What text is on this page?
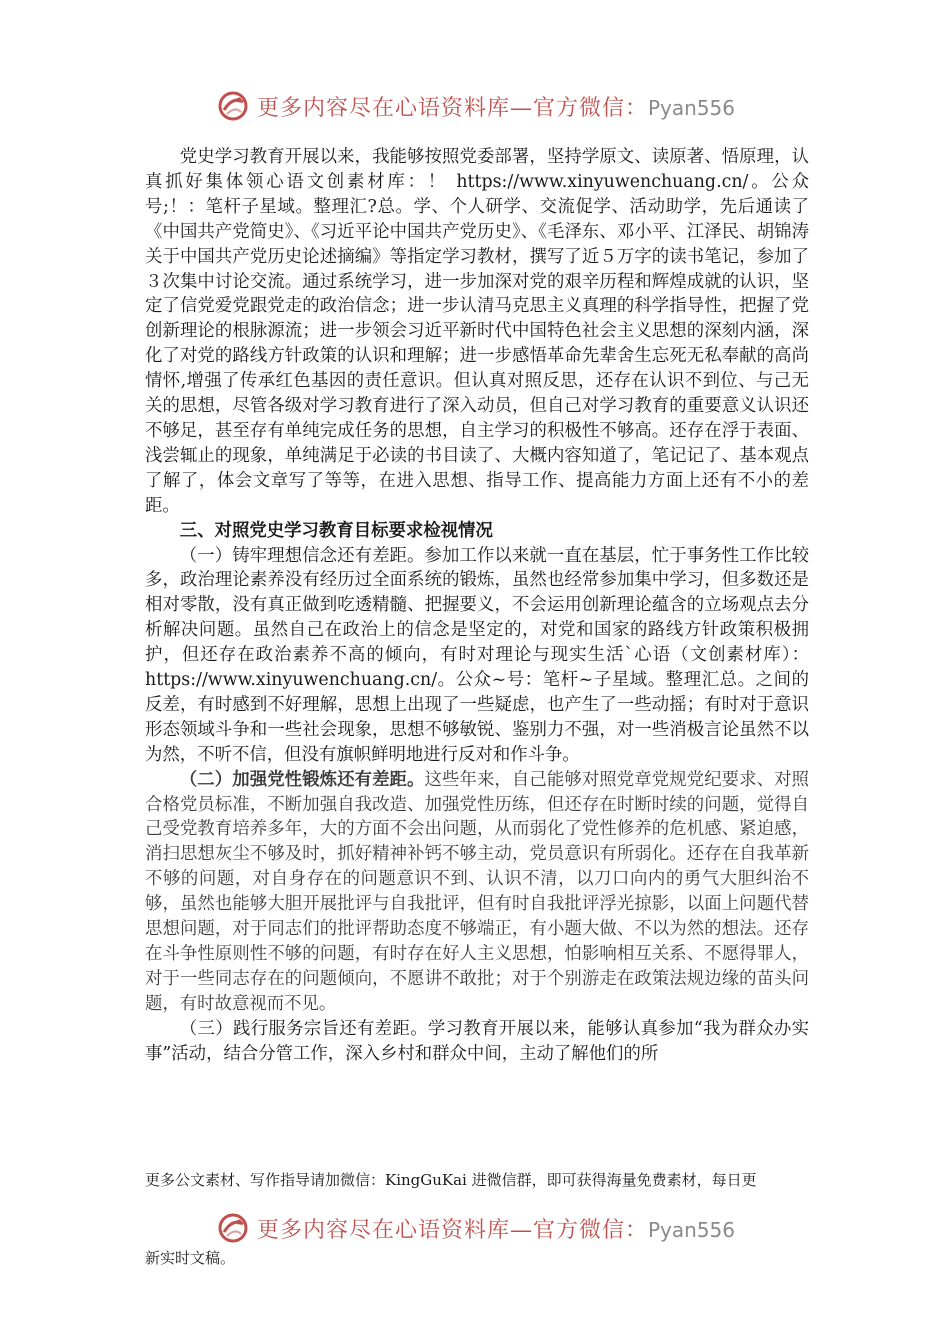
更多内容尽在心语资料库—官方微信：Pyan556

党史学习教育开展以来，我能够按照党委部署，坚持学原文、读原著、悟原理，认真抓好集体领心语文创素材库：！ https://www.xinyuwenchuang.cn/。公众号;！：笔杆子星域。整理汇?总。学、个人研学、交流促学、活动助学，先后通读了《中国共产党简史》、《习近平论中国共产党历史》、《毛泽东、邓小平、江泽民、胡锦涛关于中国共产党历史论述摘编》等指定学习教材，撰写了近５万字的读书笔记，参加了３次集中讨论交流。通过系统学习，进一步加深对党的艰辛历程和辉煌成就的认识，坚定了信党爱党跟党走的政治信念；进一步认清马克思主义真理的科学指导性，把握了党创新理论的根脉源流；进一步领会习近平新时代中国特色社会主义思想的深刻内涵，深化了对党的路线方针政策的认识和理解；进一步感悟革命先辈舍生忘死无私奉献的高尚情怀,增强了传承红色基因的责任意识。但认真对照反思，还存在认识不到位、与己无关的思想，尽管各级对学习教育进行了深入动员，但自己对学习教育的重要意义认识还不够足，甚至存有单纯完成任务的思想，自主学习的积极性不够高。还存在浮于表面、浅尝辄止的现象，单纯满足于必读的书目读了、大概内容知道了，笔记记了、基本观点了解了，体会文章写了等等，在进入思想、指导工作、提高能力方面上还有不小的差距。

三、对照党史学习教育目标要求检视情况

（一）铸牢理想信念还有差距。参加工作以来就一直在基层，忙于事务性工作比较多，政治理论素养没有经历过全面系统的锻炼，虽然也经常参加集中学习，但多数还是相对零散，没有真正做到吃透精髓、把握要义，不会运用创新理论蕴含的立场观点去分析解决问题。虽然自己在政治上的信念是坚定的，对党和国家的路线方针政策积极拥护，但还存在政治素养不高的倾向，有时对理论与现实生活`心语（文创素材库）：https://www.xinyuwenchuang.cn/。公众~号：笔杆~子星域。整理汇总。之间的反差，有时感到不好理解，思想上出现了一些疑虑，也产生了一些动摇；有时对于意识形态领域斗争和一些社会现象，思想不够敏锐、鉴别力不强，对一些消极言论虽然不以为然，不听不信，但没有旗帜鲜明地进行反对和作斗争。

（二）加强党性锻炼还有差距。这些年来，自己能够对照党章党规党纪要求、对照合格党员标准，不断加强自我改造、加强党性历练，但还存在时断时续的问题，觉得自己受党教育培养多年，大的方面不会出问题，从而弱化了党性修养的危机感、紧迫感，消扫思想灰尘不够及时，抓好精神补钙不够主动，党员意识有所弱化。还存在自我革新不够的问题，对自身存在的问题意识不到、认识不清，以刀口向内的勇气大胆纠治不够，虽然也能够大胆开展批评与自我批评，但有时自我批评浮光掠影，以面上问题代替思想问题，对于同志们的批评帮助态度不够端正，有小题大做、不以为然的想法。还存在斗争性原则性不够的问题，有时存在好人主义思想，怕影响相互关系、不愿得罪人，对于一些同志存在的问题倾向，不愿讲不敢批；对于个别游走在政策法规边缘的苗头问题，有时故意视而不见。

（三）践行服务宗旨还有差距。学习教育开展以来，能够认真参加“我为群众办实事”活动，结合分管工作，深入乡村和群众中间，主动了解他们的所

更多公文素材、写作指导请加微信：KingGuKai 进微信群，即可获得海量免费素材，每日更
更多内容尽在心语资料库—官方微信：Pyan556
新实时文稿。
